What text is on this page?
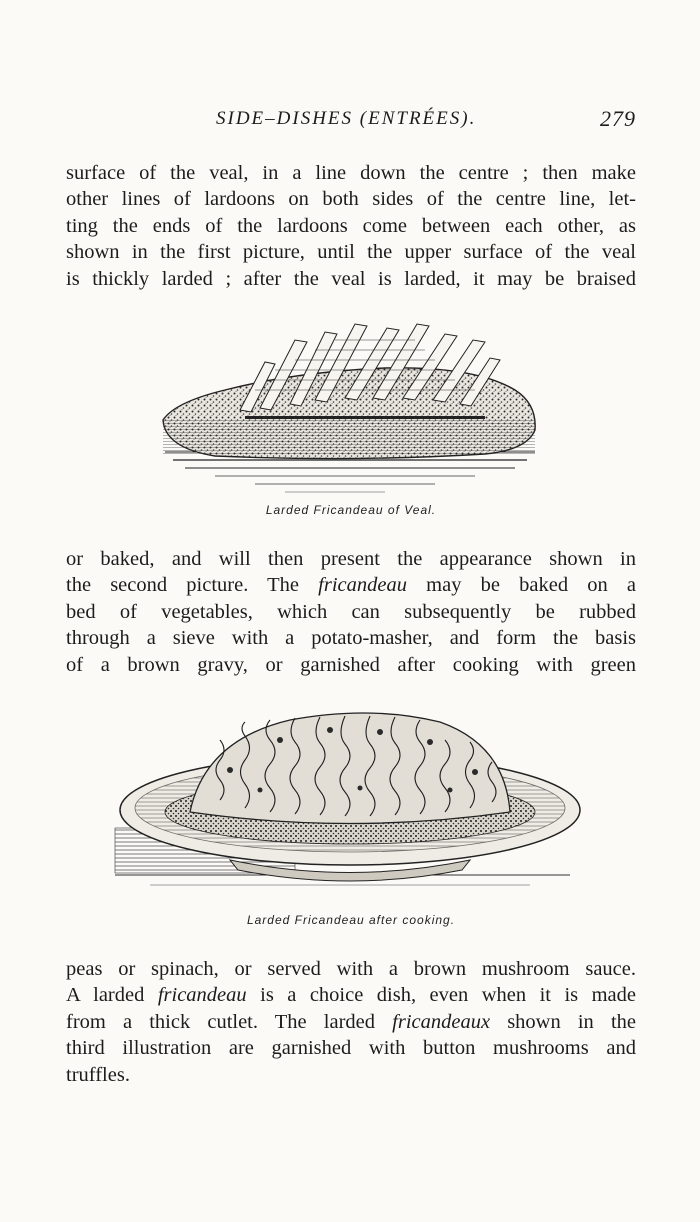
SIDE–DISHES (ENTRÉES).	279

surface of the veal, in a line down the centre ; then make
other lines of lardoons on both sides of the centre line, let-
ting the ends of the lardoons come between each other, as
shown in the first picture, until the upper surface of the veal
is thickly larded ; after the veal is larded, it may be braised

Larded Fricandeau of Veal.

or baked, and will then present the appearance shown in
the second picture. The fricandeau may be baked on a
bed of vegetables, which can subsequently be rubbed
through a sieve with a potato-masher, and form the basis
of a brown gravy, or garnished after cooking with green

Larded Fricandeau after cooking.

peas or spinach, or served with a brown mushroom sauce.
A larded fricandeau is a choice dish, even when it is made
from a thick cutlet. The larded fricandeaux shown in the
third illustration are garnished with button mushrooms and
truffles.
